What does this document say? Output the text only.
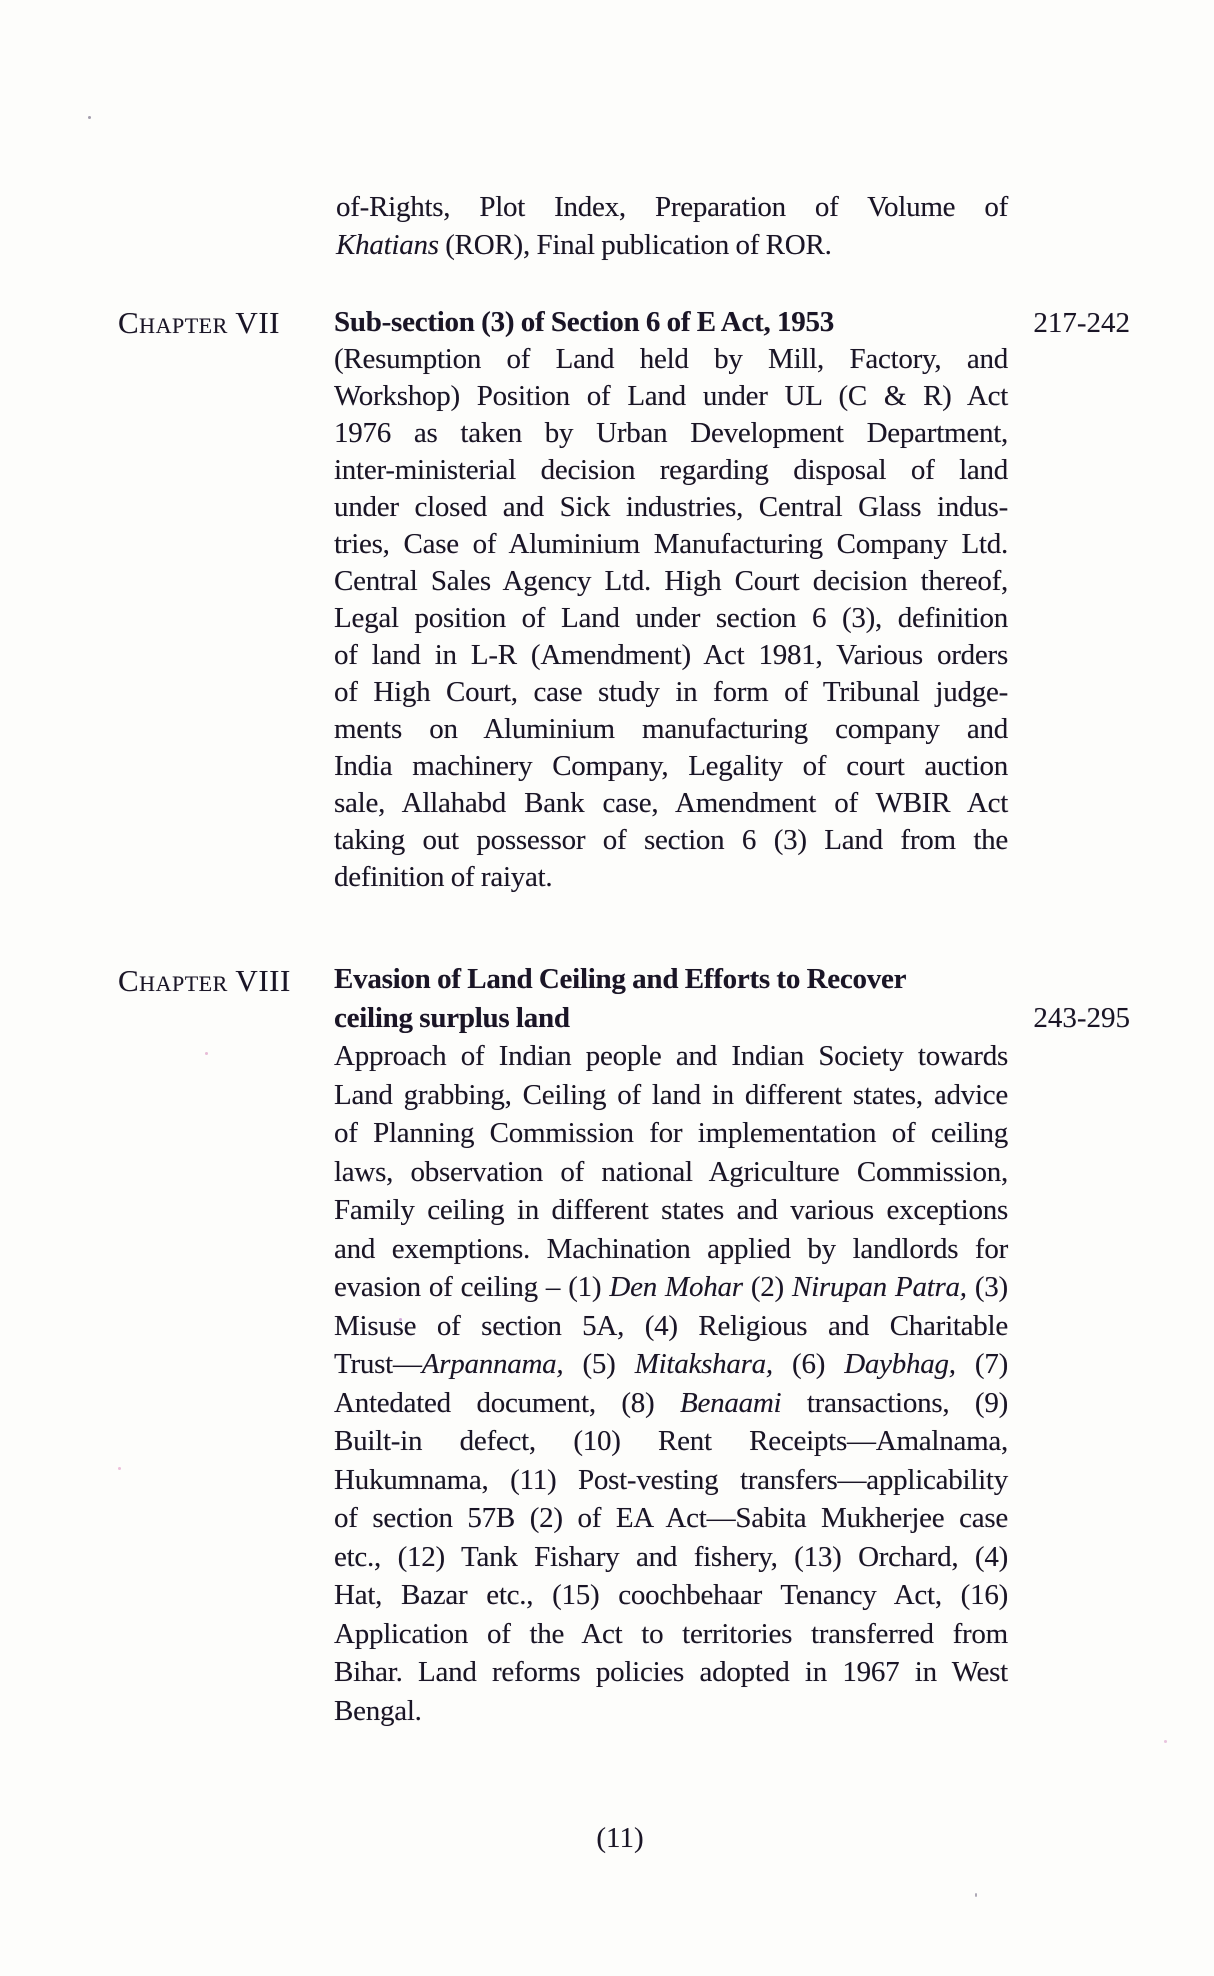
of-Rights, Plot Index, Preparation of Volume of
Khatians (ROR), Final publication of ROR.
Chapter VII Sub-section (3) of Section 6 of E Act, 1953
(Resumption of Land held by Mill, Factory, and
Workshop) Position of Land under UL (C & R) Act
1976 as taken by Urban Development Department,
inter-ministerial decision regarding disposal of land
under closed and Sick industries, Central Glass indus-
tries, Case of Aluminium Manufacturing Company Ltd.
Central Sales Agency Ltd. High Court decision thereof,
Legal position of Land under section 6 (3), definition
of land in L-R (Amendment) Act 1981, Various orders
of High Court, case study in form of Tribunal judge-
ments on Aluminium manufacturing company and
India machinery Company, Legality of court auction
sale, Allahabd Bank case, Amendment of WBIR Act
taking out possessor of section 6 (3) Land from the
definition of raiyat.
217-242
Chapter VIII Evasion of Land Ceiling and Efforts to Recover
ceiling surplus land
Approach of Indian people and Indian Society towards
Land grabbing, Ceiling of land in different states, advice
of Planning Commission for implementation of ceiling
laws, observation of national Agriculture Commission,
Family ceiling in different states and various exceptions
and exemptions. Machination applied by landlords for
evasion of ceiling – (1) Den Mohar (2) Nirupan Patra, (3)
Misuse of section 5A, (4) Religious and Charitable
Trust—Arpannama, (5) Mitakshara, (6) Daybhag, (7)
Antedated document, (8) Benaami transactions, (9)
Built-in defect, (10) Rent Receipts—Amalnama,
Hukumnama, (11) Post-vesting transfers—applicability
of section 57B (2) of EA Act—Sabita Mukherjee case
etc., (12) Tank Fishary and fishery, (13) Orchard, (4)
Hat, Bazar etc., (15) coochbehaar Tenancy Act, (16)
Application of the Act to territories transferred from
Bihar. Land reforms policies adopted in 1967 in West
Bengal.
243-295
(11)
